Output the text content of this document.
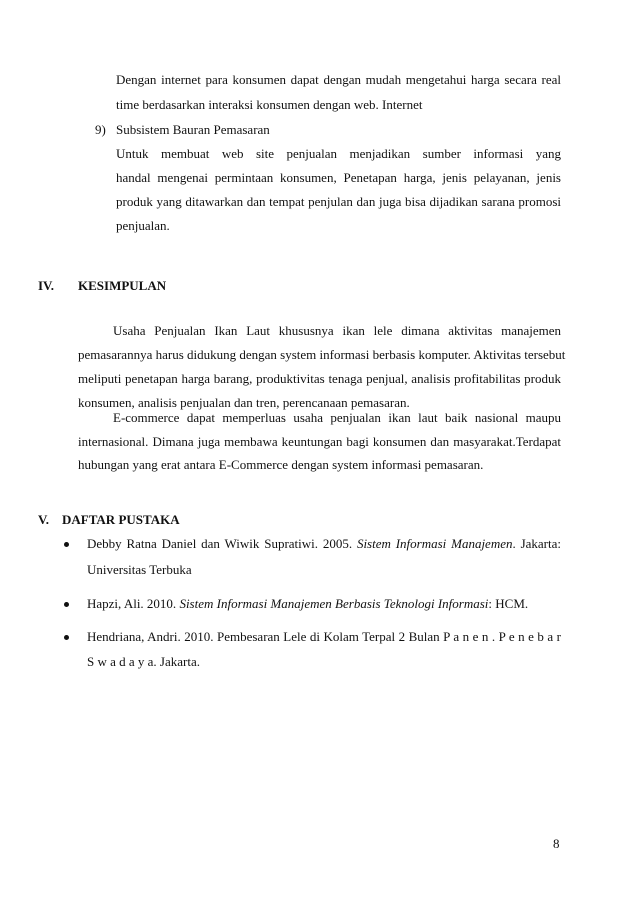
Dengan internet para konsumen dapat dengan mudah mengetahui harga secara real
time berdasarkan interaksi konsumen dengan web. Internet
9) Subsistem Bauran Pemasaran
Untuk membuat web site penjualan menjadikan sumber informasi yang
handal mengenai permintaan konsumen, Penetapan harga, jenis pelayanan, jenis
produk yang ditawarkan dan tempat penjulan dan juga bisa dijadikan sarana promosi
penjualan.
IV. KESIMPULAN
Usaha Penjualan Ikan Laut khususnya ikan lele dimana aktivitas manajemen
pemasarannya harus didukung dengan system informasi berbasis komputer. Aktivitas tersebut
meliputi penetapan harga barang, produktivitas tenaga penjual, analisis profitabilitas produk
konsumen, analisis penjualan dan tren, perencanaan pemasaran.
E-commerce dapat memperluas usaha penjualan ikan laut baik nasional maupu
internasional. Dimana juga membawa keuntungan bagi konsumen dan masyarakat.Terdapat
hubungan yang erat antara E-Commerce dengan system informasi pemasaran.
V. DAFTAR PUSTAKA
Debby Ratna Daniel dan Wiwik Supratiwi. 2005. Sistem Informasi Manajemen. Jakarta:
Universitas Terbuka
Hapzi, Ali. 2010. Sistem Informasi Manajemen Berbasis Teknologi Informasi: HCM.
Hendriana, Andri. 2010. Pembesaran Lele di Kolam Terpal 2 Bulan P a n e n . P e n e b a r
S w a d a y a. Jakarta.
8
